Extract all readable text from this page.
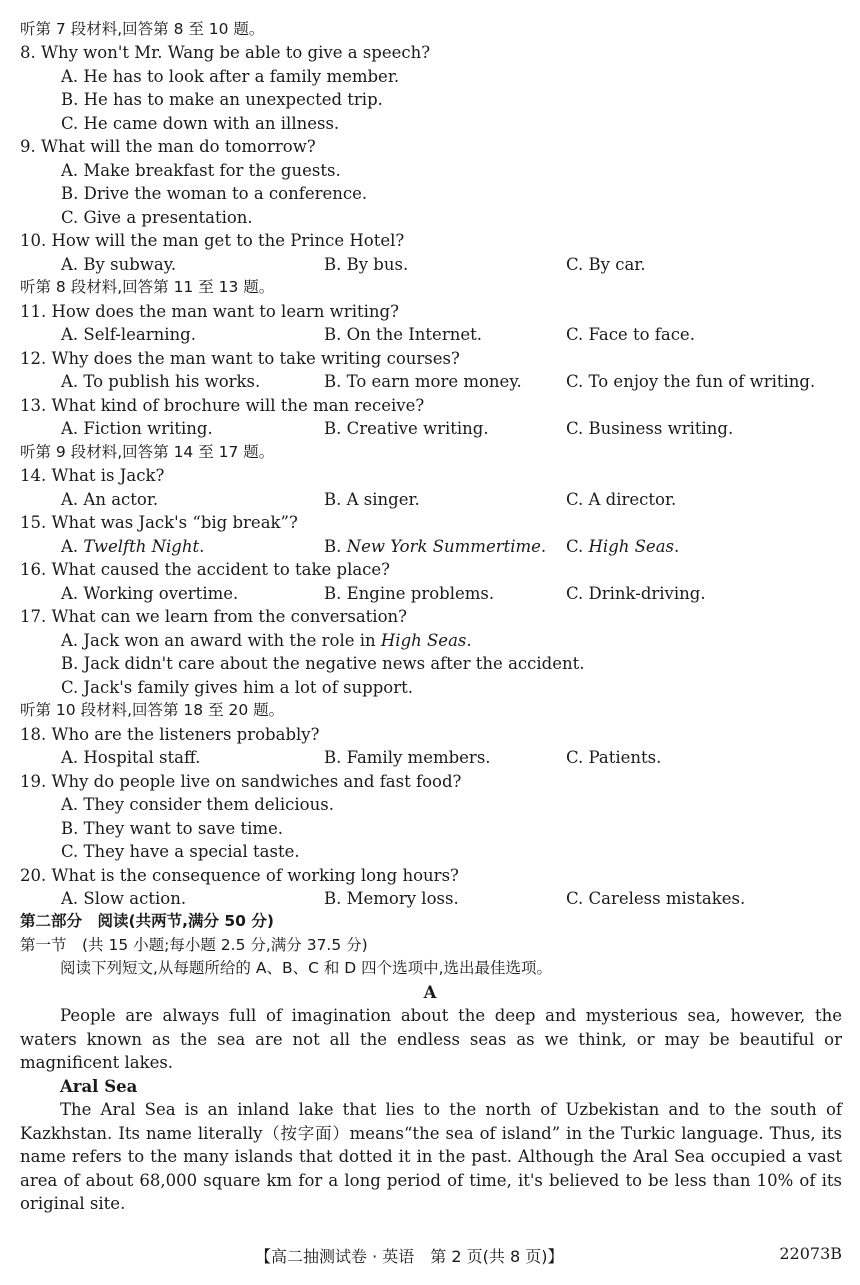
听第 7 段材料,回答第 8 至 10 题。
8. Why won't Mr. Wang be able to give a speech?
A. He has to look after a family member.
B. He has to make an unexpected trip.
C. He came down with an illness.
9. What will the man do tomorrow?
A. Make breakfast for the guests.
B. Drive the woman to a conference.
C. Give a presentation.
10. How will the man get to the Prince Hotel?
A. By subway.	B. By bus.	C. By car.
听第 8 段材料,回答第 11 至 13 题。
11. How does the man want to learn writing?
A. Self-learning.	B. On the Internet.	C. Face to face.
12. Why does the man want to take writing courses?
A. To publish his works.	B. To earn more money.	C. To enjoy the fun of writing.
13. What kind of brochure will the man receive?
A. Fiction writing.	B. Creative writing.	C. Business writing.
听第 9 段材料,回答第 14 至 17 题。
14. What is Jack?
A. An actor.	B. A singer.	C. A director.
15. What was Jack's “big break”?
A. Twelfth Night.	B. New York Summertime. C. High Seas.
16. What caused the accident to take place?
A. Working overtime.	B. Engine problems.	C. Drink-driving.
17. What can we learn from the conversation?
A. Jack won an award with the role in High Seas.
B. Jack didn't care about the negative news after the accident.
C. Jack's family gives him a lot of support.
听第 10 段材料,回答第 18 至 20 题。
18. Who are the listeners probably?
A. Hospital staff.	B. Family members.	C. Patients.
19. Why do people live on sandwiches and fast food?
A. They consider them delicious.
B. They want to save time.
C. They have a special taste.
20. What is the consequence of working long hours?
A. Slow action.	B. Memory loss.	C. Careless mistakes.
第二部分　阅读(共两节,满分 50 分)
第一节　(共 15 小题;每小题 2.5 分,满分 37.5 分)
阅读下列短文,从每题所给的 A、B、C 和 D 四个选项中,选出最佳选项。
A

People are always full of imagination about the deep and mysterious sea, however, the waters known as the sea are not all the endless seas as we think, or may be beautiful or magnificent lakes.

Aral Sea

The Aral Sea is an inland lake that lies to the north of Uzbekistan and to the south of Kazkhstan. Its name literally（按字面）means“the sea of island” in the Turkic language. Thus, its name refers to the many islands that dotted it in the past. Although the Aral Sea occupied a vast area of about 68,000 square km for a long period of time, it's believed to be less than 10% of its original site.

【高二抽测试卷 · 英语　第 2 页(共 8 页)】	22073B
